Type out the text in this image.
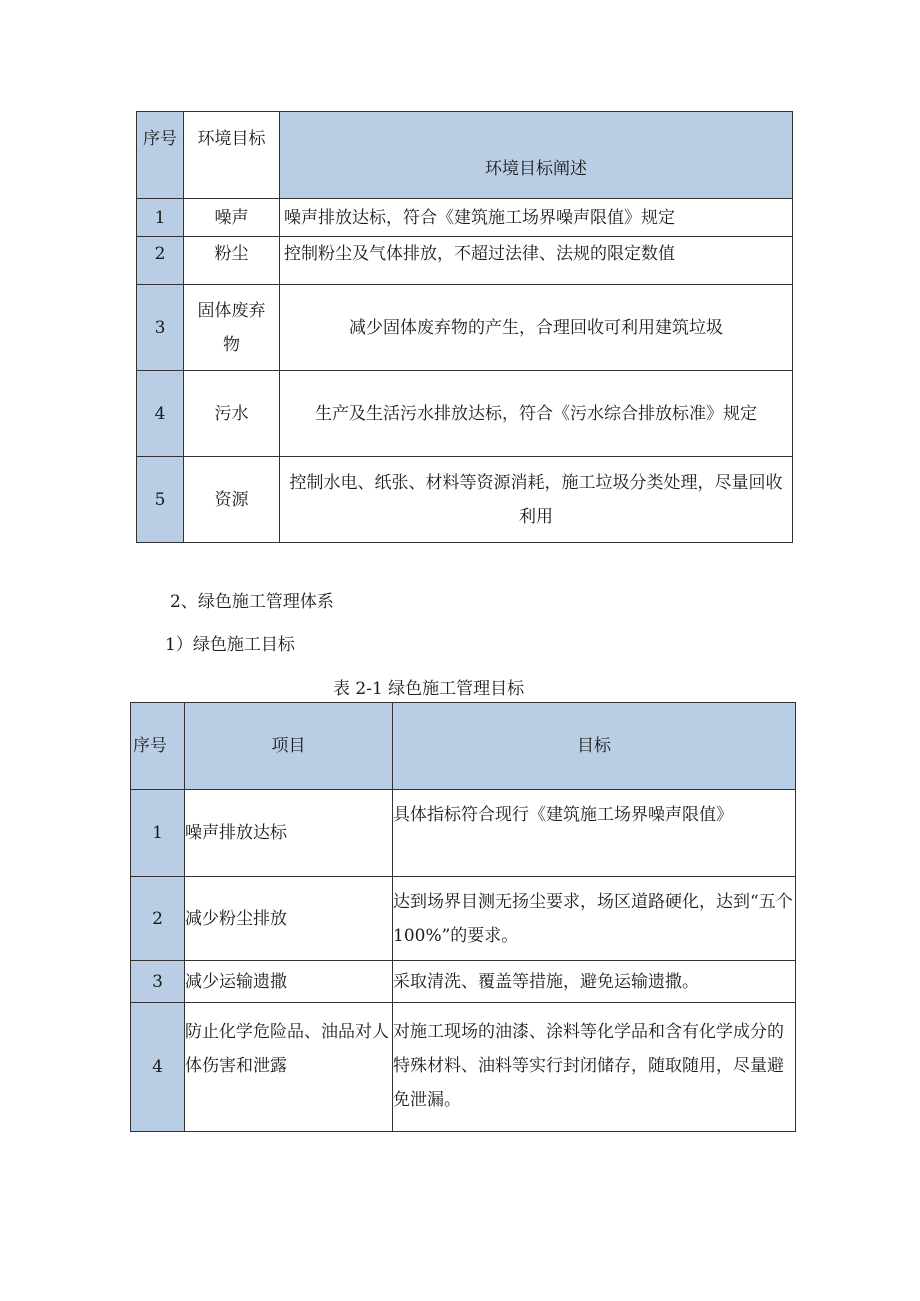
序号	环境目标	环境目标阐述
1	噪声	噪声排放达标，符合《建筑施工场界噪声限值》规定
2	粉尘	控制粉尘及气体排放，不超过法律、法规的限定数值
3	固体废弃物	减少固体废弃物的产生，合理回收可利用建筑垃圾
4	污水	生产及生活污水排放达标，符合《污水综合排放标准》规定
5	资源	控制水电、纸张、材料等资源消耗，施工垃圾分类处理，尽量回收利用
2、绿色施工管理体系
1）绿色施工目标
表 2-1 绿色施工管理目标
序号	项目	目标
1	噪声排放达标	具体指标符合现行《建筑施工场界噪声限值》
2	减少粉尘排放	达到场界目测无扬尘要求，场区道路硬化，达到“五个 100%”的要求。
3	减少运输遗撒	采取清洗、覆盖等措施，避免运输遗撒。
4	防止化学危险品、油品对人体伤害和泄露	对施工现场的油漆、涂料等化学品和含有化学成分的特殊材料、油料等实行封闭储存，随取随用，尽量避免泄漏。
